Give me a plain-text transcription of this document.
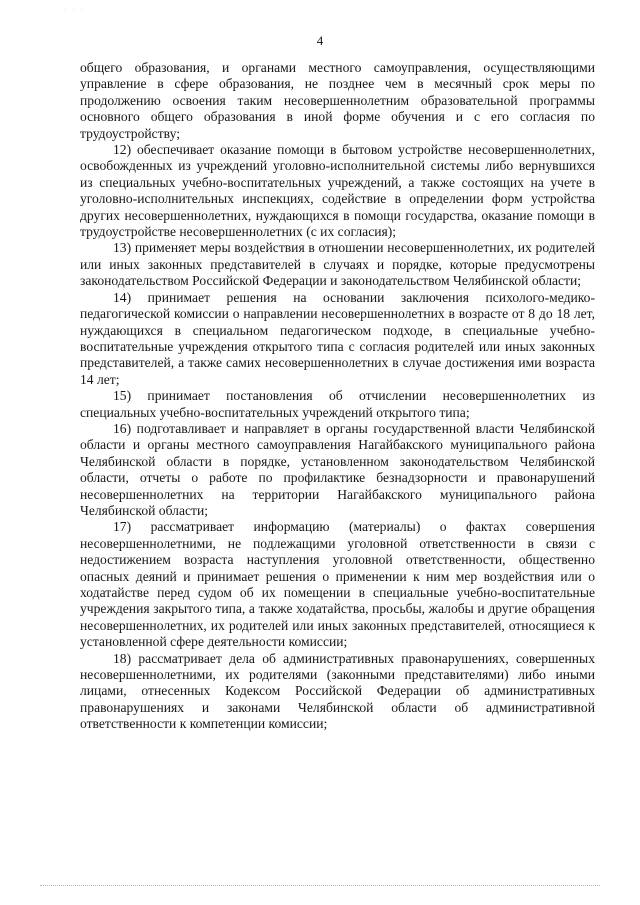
· · ·
4

общего образования, и органами местного самоуправления, осуществляющими управление в сфере образования, не позднее чем в месячный срок меры по продолжению освоения таким несовершеннолетним образовательной программы основного общего образования в иной форме обучения и с его согласия по трудоустройству;

12) обеспечивает оказание помощи в бытовом устройстве несовершеннолетних, освобожденных из учреждений уголовно-исполнительной системы либо вернувшихся из специальных учебно-воспитательных учреждений, а также состоящих на учете в уголовно-исполнительных инспекциях, содействие в определении форм устройства других несовершеннолетних, нуждающихся в помощи государства, оказание помощи в трудоустройстве несовершеннолетних (с их согласия);

13) применяет меры воздействия в отношении несовершеннолетних, их родителей или иных законных представителей в случаях и порядке, которые предусмотрены законодательством Российской Федерации и законодательством Челябинской области;

14) принимает решения на основании заключения психолого-медико-педагогической комиссии о направлении несовершеннолетних в возрасте от 8 до 18 лет, нуждающихся в специальном педагогическом подходе, в специальные учебно-воспитательные учреждения открытого типа с согласия родителей или иных законных представителей, а также самих несовершеннолетних в случае достижения ими возраста 14 лет;

15) принимает постановления об отчислении несовершеннолетних из специальных учебно-воспитательных учреждений открытого типа;

16) подготавливает и направляет в органы государственной власти Челябинской области и органы местного самоуправления Нагайбакского муниципального района Челябинской области в порядке, установленном законодательством Челябинской области, отчеты о работе по профилактике безнадзорности и правонарушений несовершеннолетних на территории Нагайбакского муниципального района Челябинской области;

17) рассматривает информацию (материалы) о фактах совершения несовершеннолетними, не подлежащими уголовной ответственности в связи с недостижением возраста наступления уголовной ответственности, общественно опасных деяний и принимает решения о применении к ним мер воздействия или о ходатайстве перед судом об их помещении в специальные учебно-воспитательные учреждения закрытого типа, а также ходатайства, просьбы, жалобы и другие обращения несовершеннолетних, их родителей или иных законных представителей, относящиеся к установленной сфере деятельности комиссии;

18) рассматривает дела об административных правонарушениях, совершенных несовершеннолетними, их родителями (законными представителями) либо иными лицами, отнесенных Кодексом Российской Федерации об административных правонарушениях и законами Челябинской области об административной ответственности к компетенции комиссии;
